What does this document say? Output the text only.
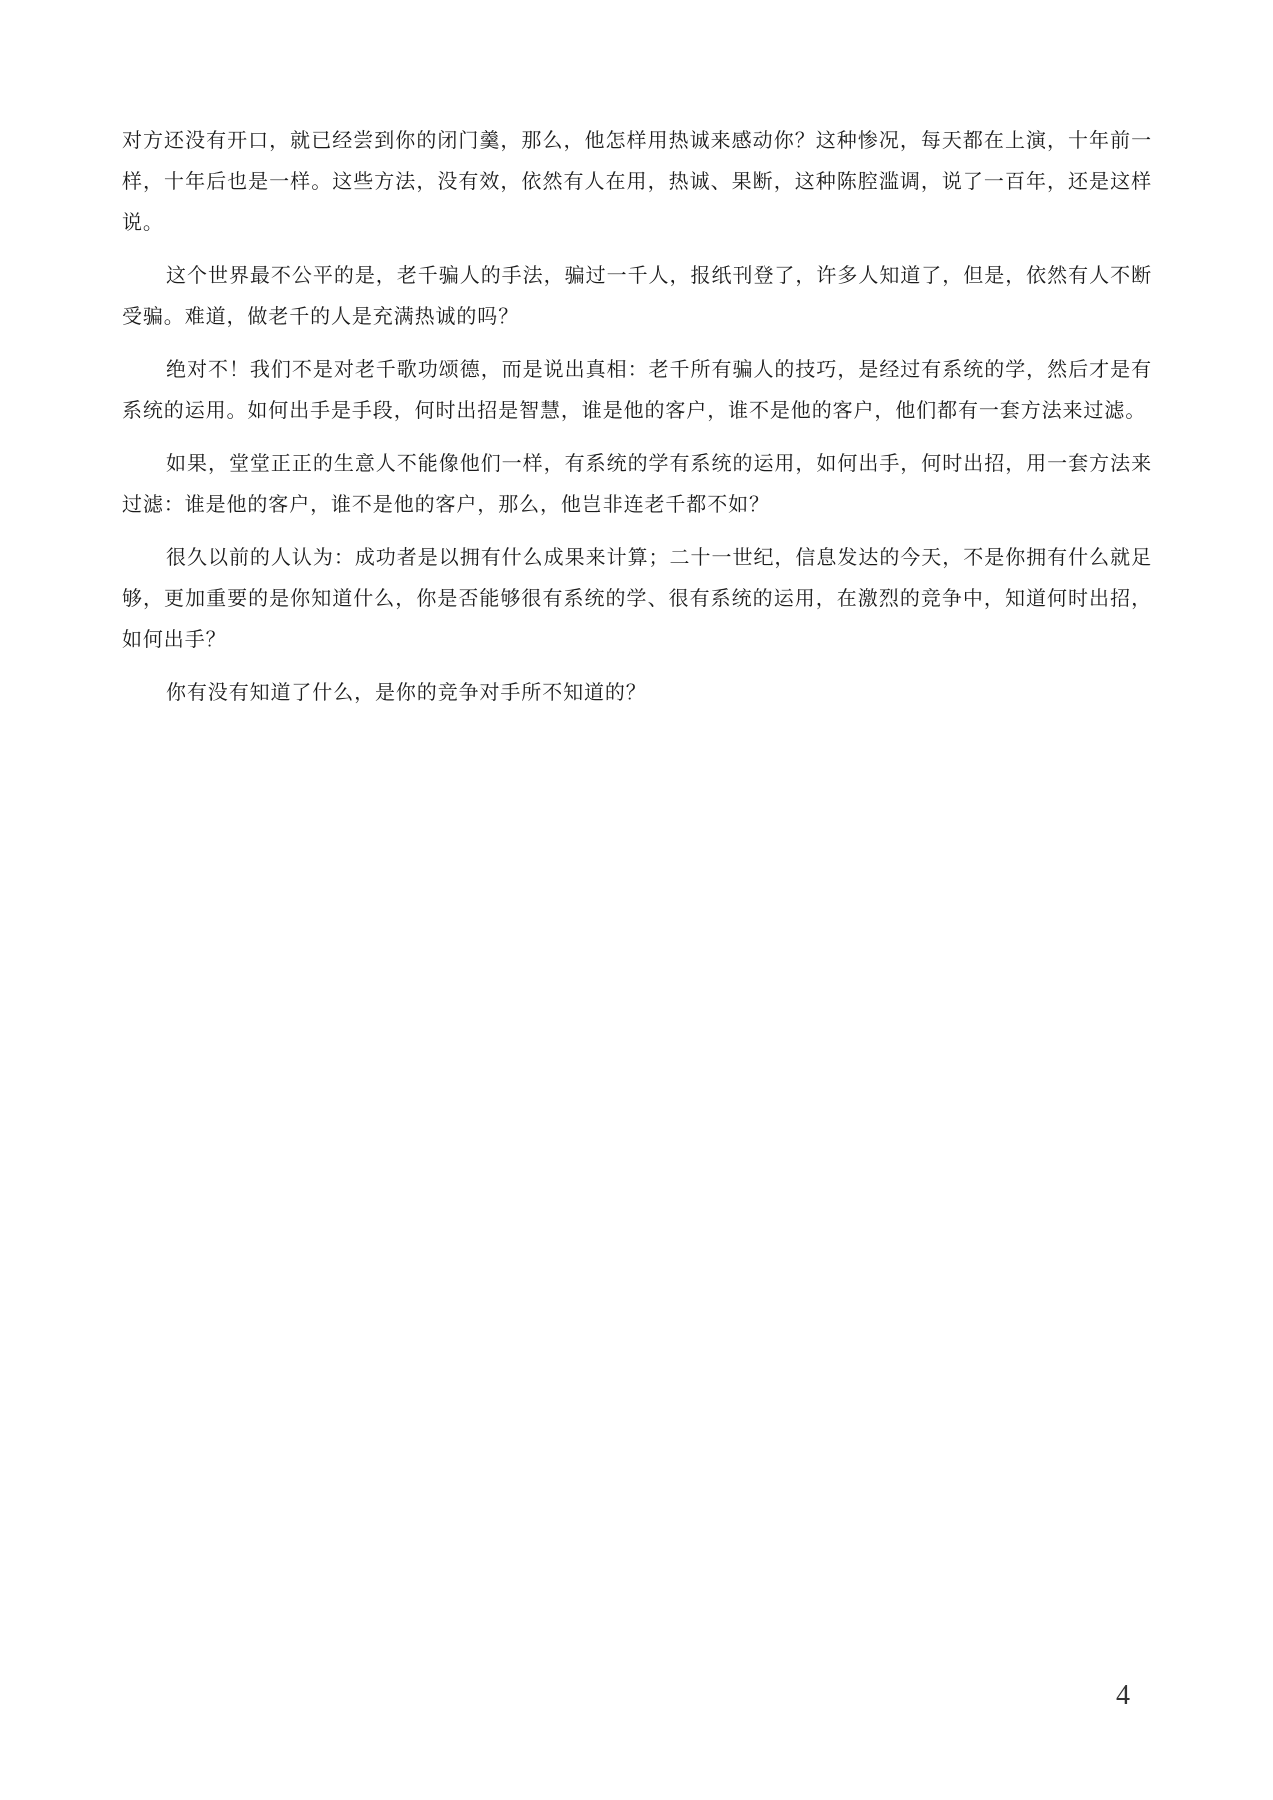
对方还没有开口，就已经尝到你的闭门羹，那么，他怎样用热诚来感动你？这种惨况，每天都在上演，十年前一样，十年后也是一样。这些方法，没有效，依然有人在用，热诚、果断，这种陈腔滥调，说了一百年，还是这样说。

这个世界最不公平的是，老千骗人的手法，骗过一千人，报纸刊登了，许多人知道了，但是，依然有人不断受骗。难道，做老千的人是充满热诚的吗？

绝对不！我们不是对老千歌功颂德，而是说出真相：老千所有骗人的技巧，是经过有系统的学，然后才是有系统的运用。如何出手是手段，何时出招是智慧，谁是他的客户，谁不是他的客户，他们都有一套方法来过滤。

如果，堂堂正正的生意人不能像他们一样，有系统的学有系统的运用，如何出手，何时出招，用一套方法来过滤：谁是他的客户，谁不是他的客户，那么，他岂非连老千都不如？

很久以前的人认为：成功者是以拥有什么成果来计算；二十一世纪，信息发达的今天，不是你拥有什么就足够，更加重要的是你知道什么，你是否能够很有系统的学、很有系统的运用，在激烈的竞争中，知道何时出招，如何出手？

你有没有知道了什么，是你的竞争对手所不知道的？

4
